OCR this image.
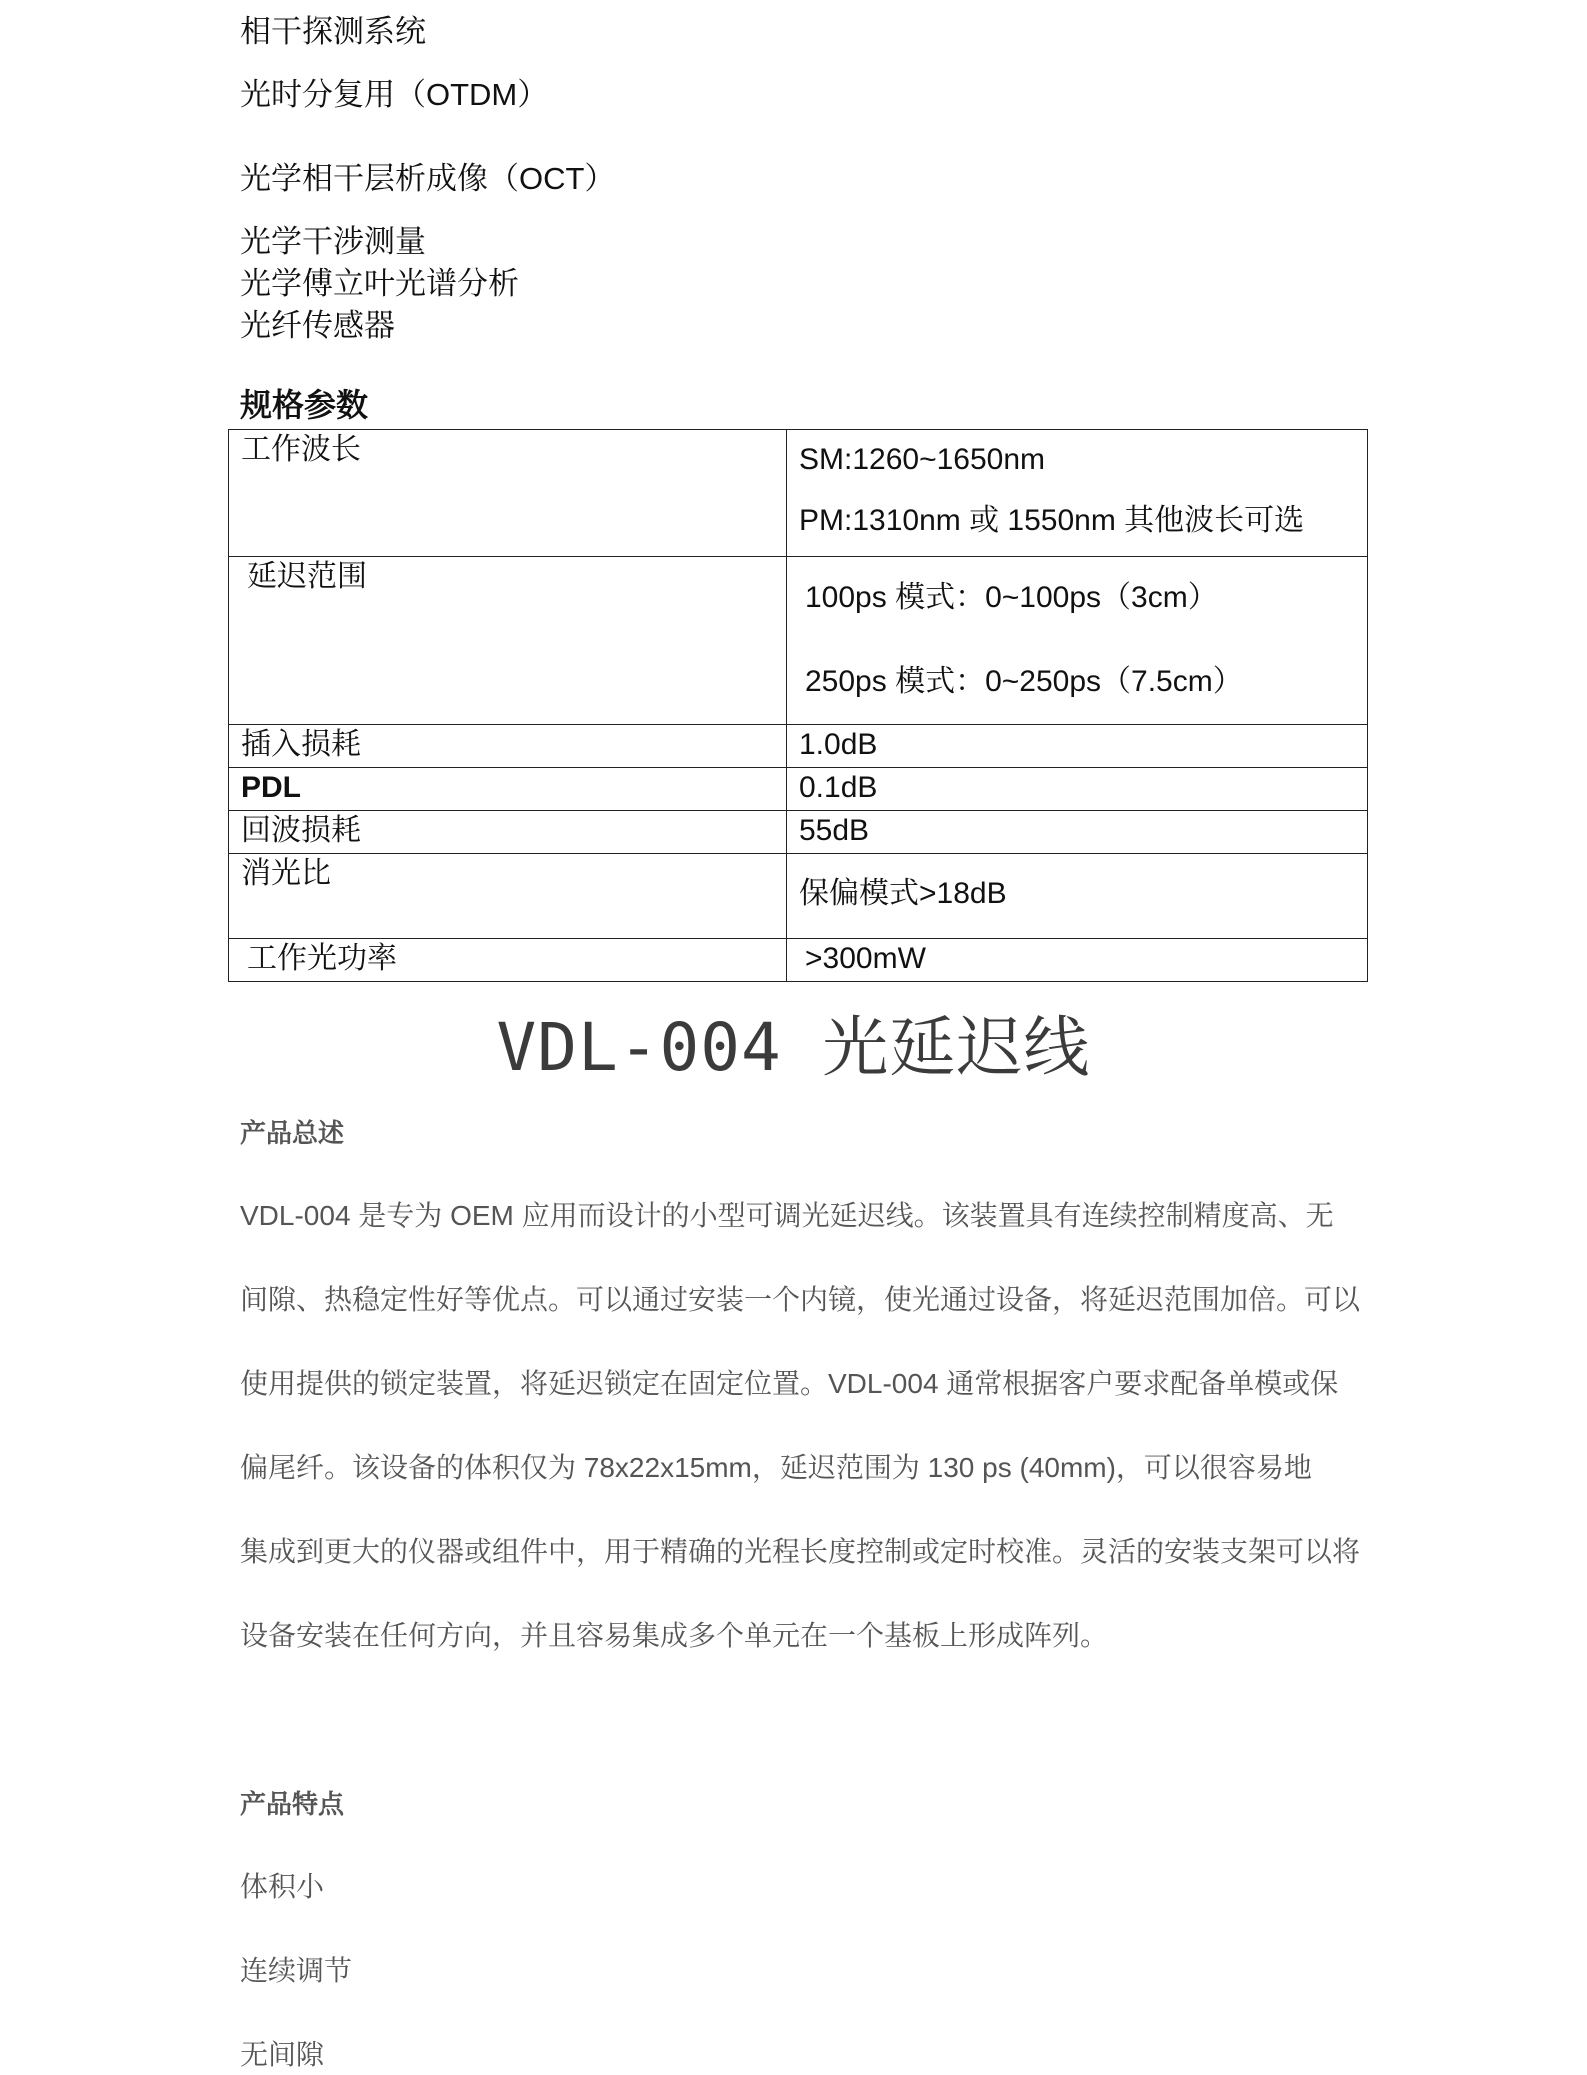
相干探测系统
光时分复用（OTDM）
光学相干层析成像（OCT）
光学干涉测量
光学傅立叶光谱分析
光纤传感器
规格参数
工作波长	SM:1260~1650nm
PM:1310nm 或 1550nm 其他波长可选

延迟范围	100ps 模式：0~100ps（3cm）
250ps 模式：0~250ps（7.5cm）

插入损耗	1.0dB
PDL	0.1dB
回波损耗	55dB
消光比	保偏模式>18dB

工作光功率	>300mW
VDL-004 光延迟线
产品总述
VDL-004 是专为 OEM 应用而设计的小型可调光延迟线。该装置具有连续控制精度高、无
间隙、热稳定性好等优点。可以通过安装一个内镜，使光通过设备，将延迟范围加倍。可以
使用提供的锁定装置，将延迟锁定在固定位置。VDL-004 通常根据客户要求配备单模或保
偏尾纤。该设备的体积仅为 78x22x15mm，延迟范围为 130 ps (40mm)，可以很容易地
集成到更大的仪器或组件中，用于精确的光程长度控制或定时校准。灵活的安装支架可以将
设备安装在任何方向，并且容易集成多个单元在一个基板上形成阵列。
产品特点
体积小
连续调节
无间隙
